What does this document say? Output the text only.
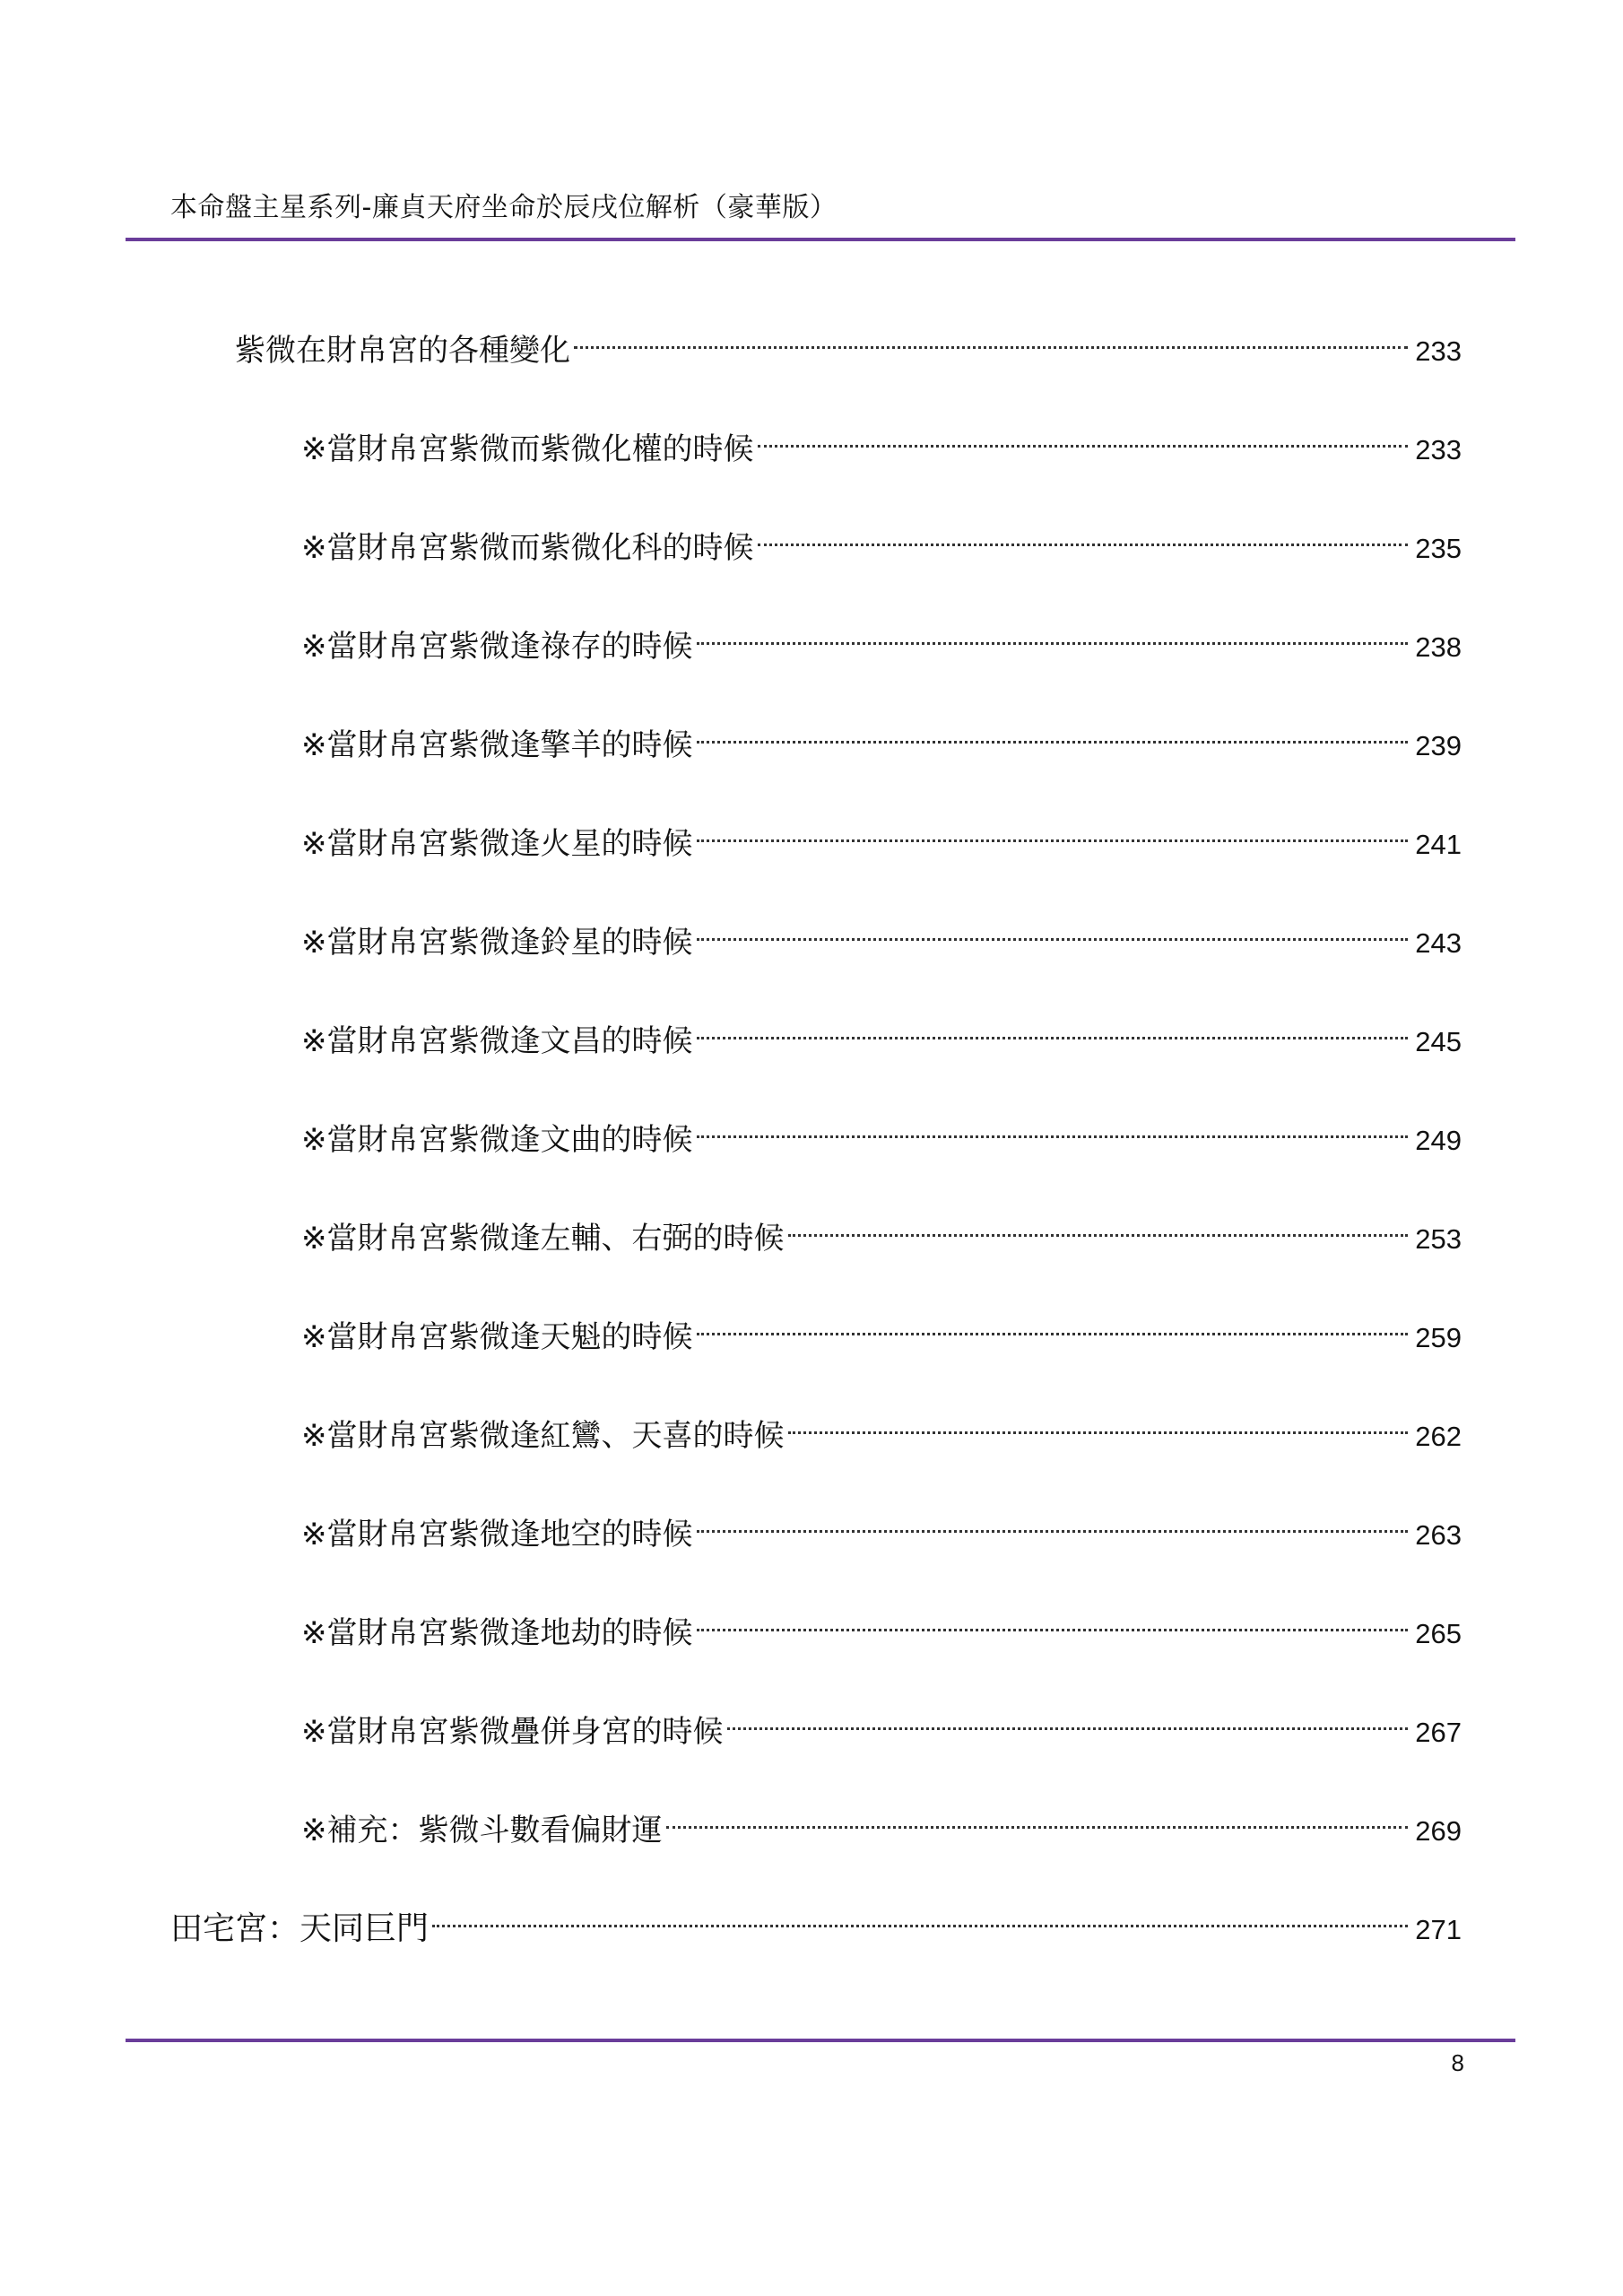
本命盤主星系列-廉貞天府坐命於辰戌位解析（豪華版）
紫微在財帛宮的各種變化	233
※當財帛宮紫微而紫微化權的時候	233
※當財帛宮紫微而紫微化科的時候	235
※當財帛宮紫微逢祿存的時候	238
※當財帛宮紫微逢擎羊的時候	239
※當財帛宮紫微逢火星的時候	241
※當財帛宮紫微逢鈴星的時候	243
※當財帛宮紫微逢文昌的時候	245
※當財帛宮紫微逢文曲的時候	249
※當財帛宮紫微逢左輔、右弼的時候	253
※當財帛宮紫微逢天魁的時候	259
※當財帛宮紫微逢紅鸞、天喜的時候	262
※當財帛宮紫微逢地空的時候	263
※當財帛宮紫微逢地劫的時候	265
※當財帛宮紫微疊併身宮的時候	267
※補充：紫微斗數看偏財運	269
田宅宮：天同巨門	271
8
